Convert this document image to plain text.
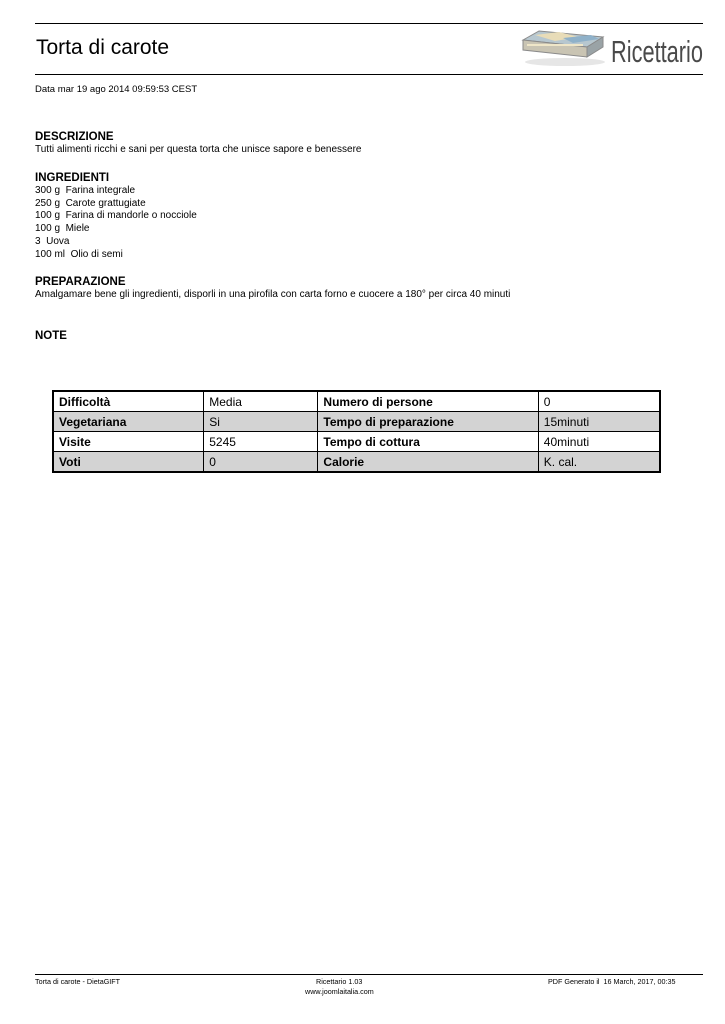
Torta di carote	Ricettario
Data mar 19 ago 2014 09:59:53 CEST
DESCRIZIONE
Tutti alimenti ricchi e sani per questa torta che unisce sapore e benessere
INGREDIENTI
300 g  Farina integrale
250 g  Carote grattugiate
100 g  Farina di mandorle o nocciole
100 g  Miele
3  Uova
100 ml  Olio di semi
PREPARAZIONE
Amalgamare bene gli ingredienti, disporli in una pirofila con carta forno e cuocere a 180° per circa 40 minuti
NOTE
Difficoltà	Media	Numero di persone	0
Vegetariana	Si	Tempo di preparazione	15minuti
Visite	5245	Tempo di cottura	40minuti
Voti	0	Calorie	K. cal.
Torta di carote - DietaGIFT	Ricettario 1.03
www.joomlaitalia.com
PDF Generato il  16 March, 2017, 00:35
